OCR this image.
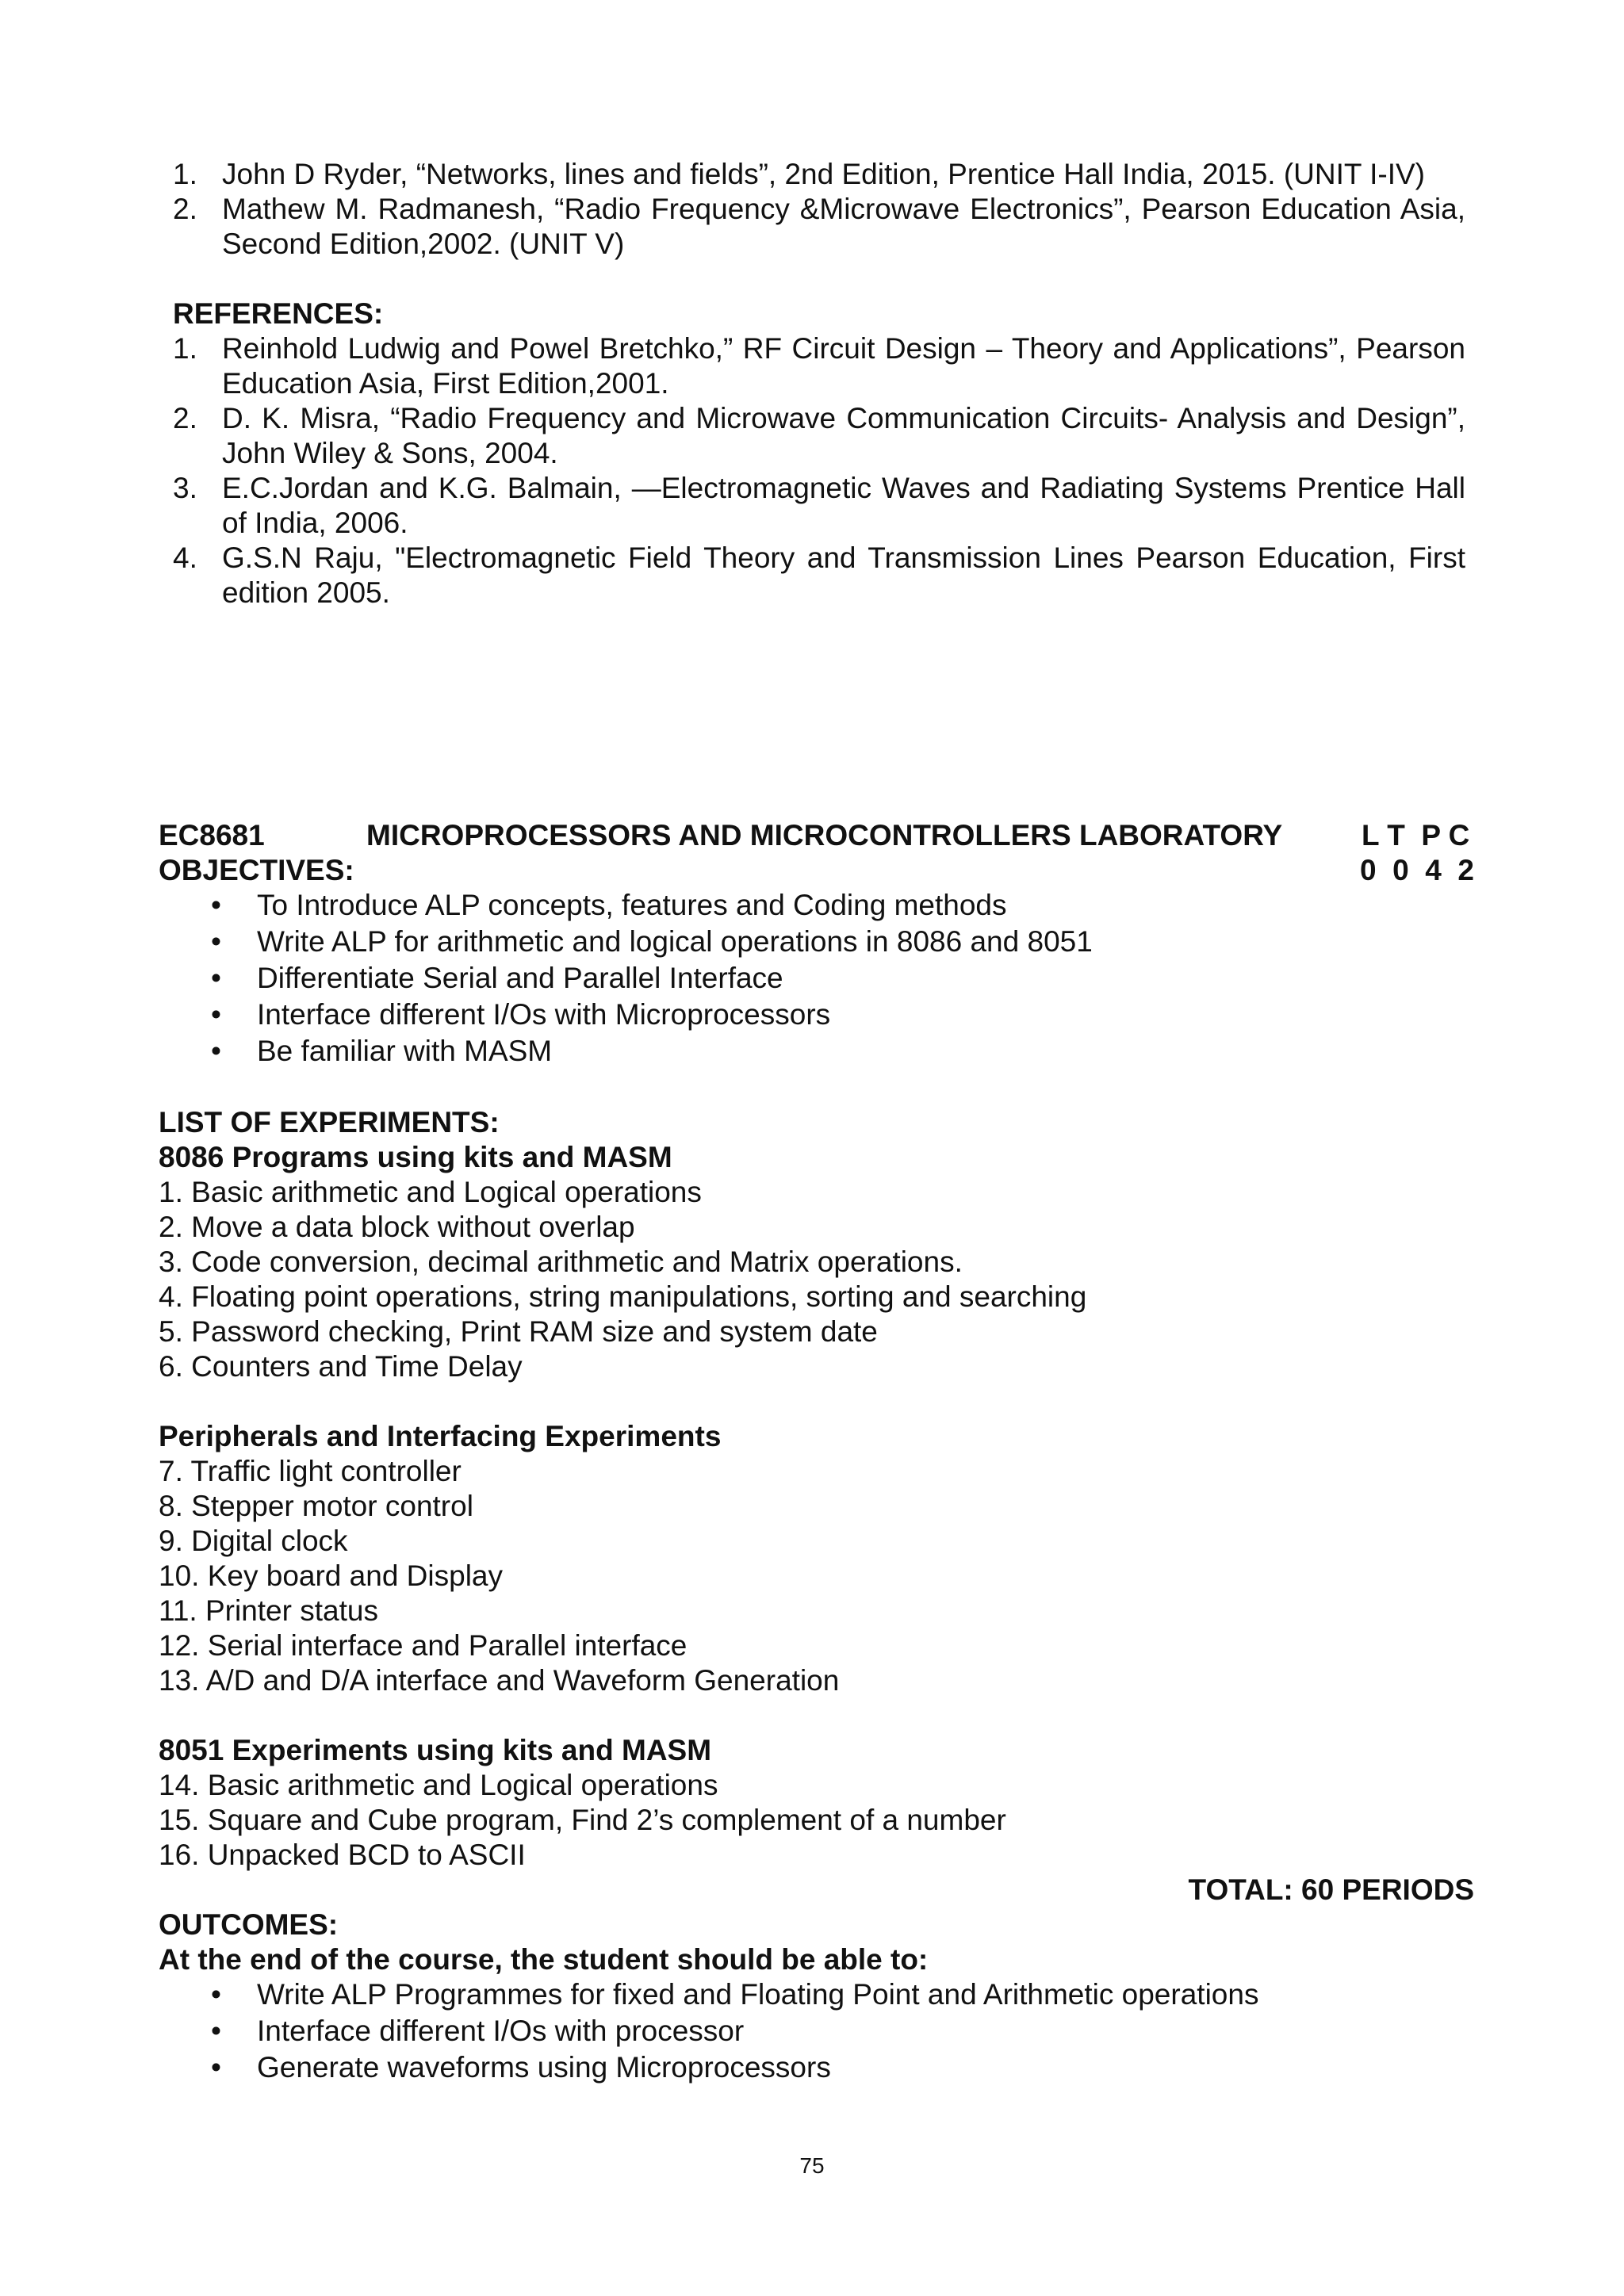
1. John D Ryder, “Networks, lines and fields”, 2nd Edition, Prentice Hall India, 2015. (UNIT I-IV)
2. Mathew M. Radmanesh, “Radio Frequency &Microwave Electronics”, Pearson Education Asia, Second Edition,2002. (UNIT V)
REFERENCES:
1. Reinhold Ludwig and Powel Bretchko,” RF Circuit Design – Theory and Applications”, Pearson Education Asia, First Edition,2001.
2. D. K. Misra, “Radio Frequency and Microwave Communication Circuits- Analysis and Design”, John Wiley & Sons, 2004.
3. E.C.Jordan and K.G. Balmain, ―Electromagnetic Waves and Radiating Systems Prentice Hall of India, 2006.
4. G.S.N Raju, "Electromagnetic Field Theory and Transmission Lines Pearson Education, First edition 2005.
EC8681	MICROPROCESSORS AND MICROCONTROLLERS LABORATORY	L T  P C
0  0  4  2
OBJECTIVES:
• To Introduce ALP concepts, features and Coding methods
• Write ALP for arithmetic and logical operations in 8086 and 8051
• Differentiate Serial and Parallel Interface
• Interface different I/Os with Microprocessors
• Be familiar with MASM
LIST OF EXPERIMENTS:
8086 Programs using kits and MASM

1. Basic arithmetic and Logical operations

2. Move a data block without overlap

3. Code conversion, decimal arithmetic and Matrix operations.

4. Floating point operations, string manipulations, sorting and searching

5. Password checking, Print RAM size and system date

6. Counters and Time Delay

Peripherals and Interfacing Experiments

7. Traffic light controller

8. Stepper motor control

9. Digital clock

10. Key board and Display

11. Printer status

12. Serial interface and Parallel interface

13. A/D and D/A interface and Waveform Generation

8051 Experiments using kits and MASM

14. Basic arithmetic and Logical operations

15. Square and Cube program, Find 2’s complement of a number

16. Unpacked BCD to ASCII

TOTAL: 60 PERIODS
OUTCOMES:
At the end of the course, the student should be able to:
• Write ALP Programmes for fixed and Floating Point and Arithmetic operations
• Interface different I/Os with processor
• Generate waveforms using Microprocessors
75
